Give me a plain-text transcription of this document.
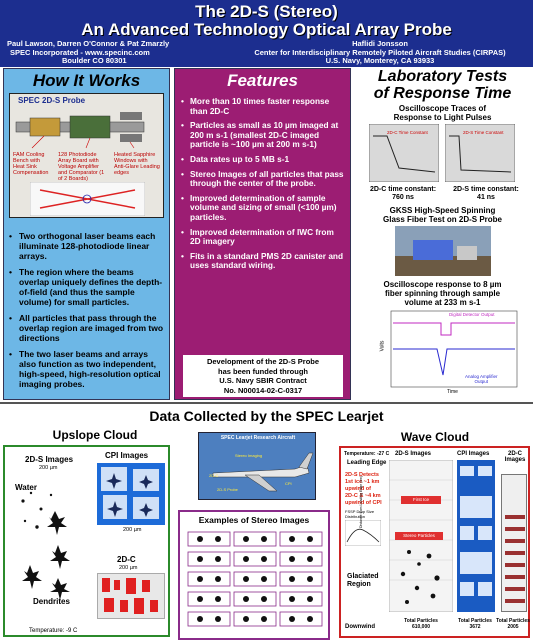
The 2D-S (Stereo)
An Advanced Technology Optical Array Probe
Paul Lawson, Darren O'Connor & Pat Zmarzly
SPEC Incorporated - www.specinc.com
Boulder CO 80301
Haflidi Jonsson
Center for Interdisciplinary Remotely Piloted Aircraft Studies (CIRPAS)
U.S. Navy, Monterey, CA 93933
How It Works
SPEC 2D-S Probe
FAM Cooling Bench with Heat Sink Compensation
128 Photodiode Array Board with Voltage Amplifier and Comparator (1 of 2 Boards)
Heated Sapphire Windows with Anti-Glare Leading edges
• Two orthogonal laser beams each illuminate 128-photodiode linear arrays.
• The region where the beams overlap uniquely defines the depth-of-field (and thus the sample volume) for small particles.
• All particles that pass through the overlap region are imaged from two directions
• The two laser beams and arrays also function as two independent, high-speed, high-resolution optical imaging probes.
Features
• More than 10 times faster response than 2D-C
• Particles as small as 10 µm imaged at 200 m s-1 (smallest 2D-C imaged particle is ~100 µm at 200 m s-1)
• Data rates up to 5 MB s-1
• Stereo Images of all particles that pass through the center of the probe.
• Improved determination of sample volume and sizing of small (<100 µm) particles.
• Improved determination of IWC from 2D imagery
• Fits in a standard PMS 2D canister and uses standard wiring.
Development of the 2D-S Probe
has been funded through
U.S. Navy SBIR Contract
No. N00014-02-C-0317
Laboratory Tests
of Response Time
Oscilloscope Traces of
Response to Light Pulses
2D-C Time Constant	2D-S Time Constant
2D-C time constant:
760 ns
2D-S time constant:
41 ns
GKSS High-Speed Spinning
Glass Fiber Test on 2D-S Probe
Oscilloscope response to 8 µm
fiber spinning through sample
volume at 233 m s-1
Digital Detector Output
Analog Amplifier
Output
Volts
Time
Data Collected by the SPEC Learjet
Upslope Cloud
2D-S Images
200 µm
CPI Images
Water
Dendrites
200 µm
2D-C
200 µm
Temperature: -9 C
SPEC Learjet Research Aircraft
2D-C
Stereo Imaging
2D-S Probe
CPI
Examples of Stereo Images
Wave Cloud
Temperature: -27 C
Leading Edge
2D-S Images	CPI Images	2D-C Images
2D-S Detects
1st ice ~1 km
upwind of
2D-C & ~4 km
upwind of CPI
FSSP Drop Size Distribution
Glaciated
Region
Downwind
Distance from Leading Edge (km)	First Ice
Stereo Particles
Total Particles
610,000
Total Particles
3672
Total Particles
2005
